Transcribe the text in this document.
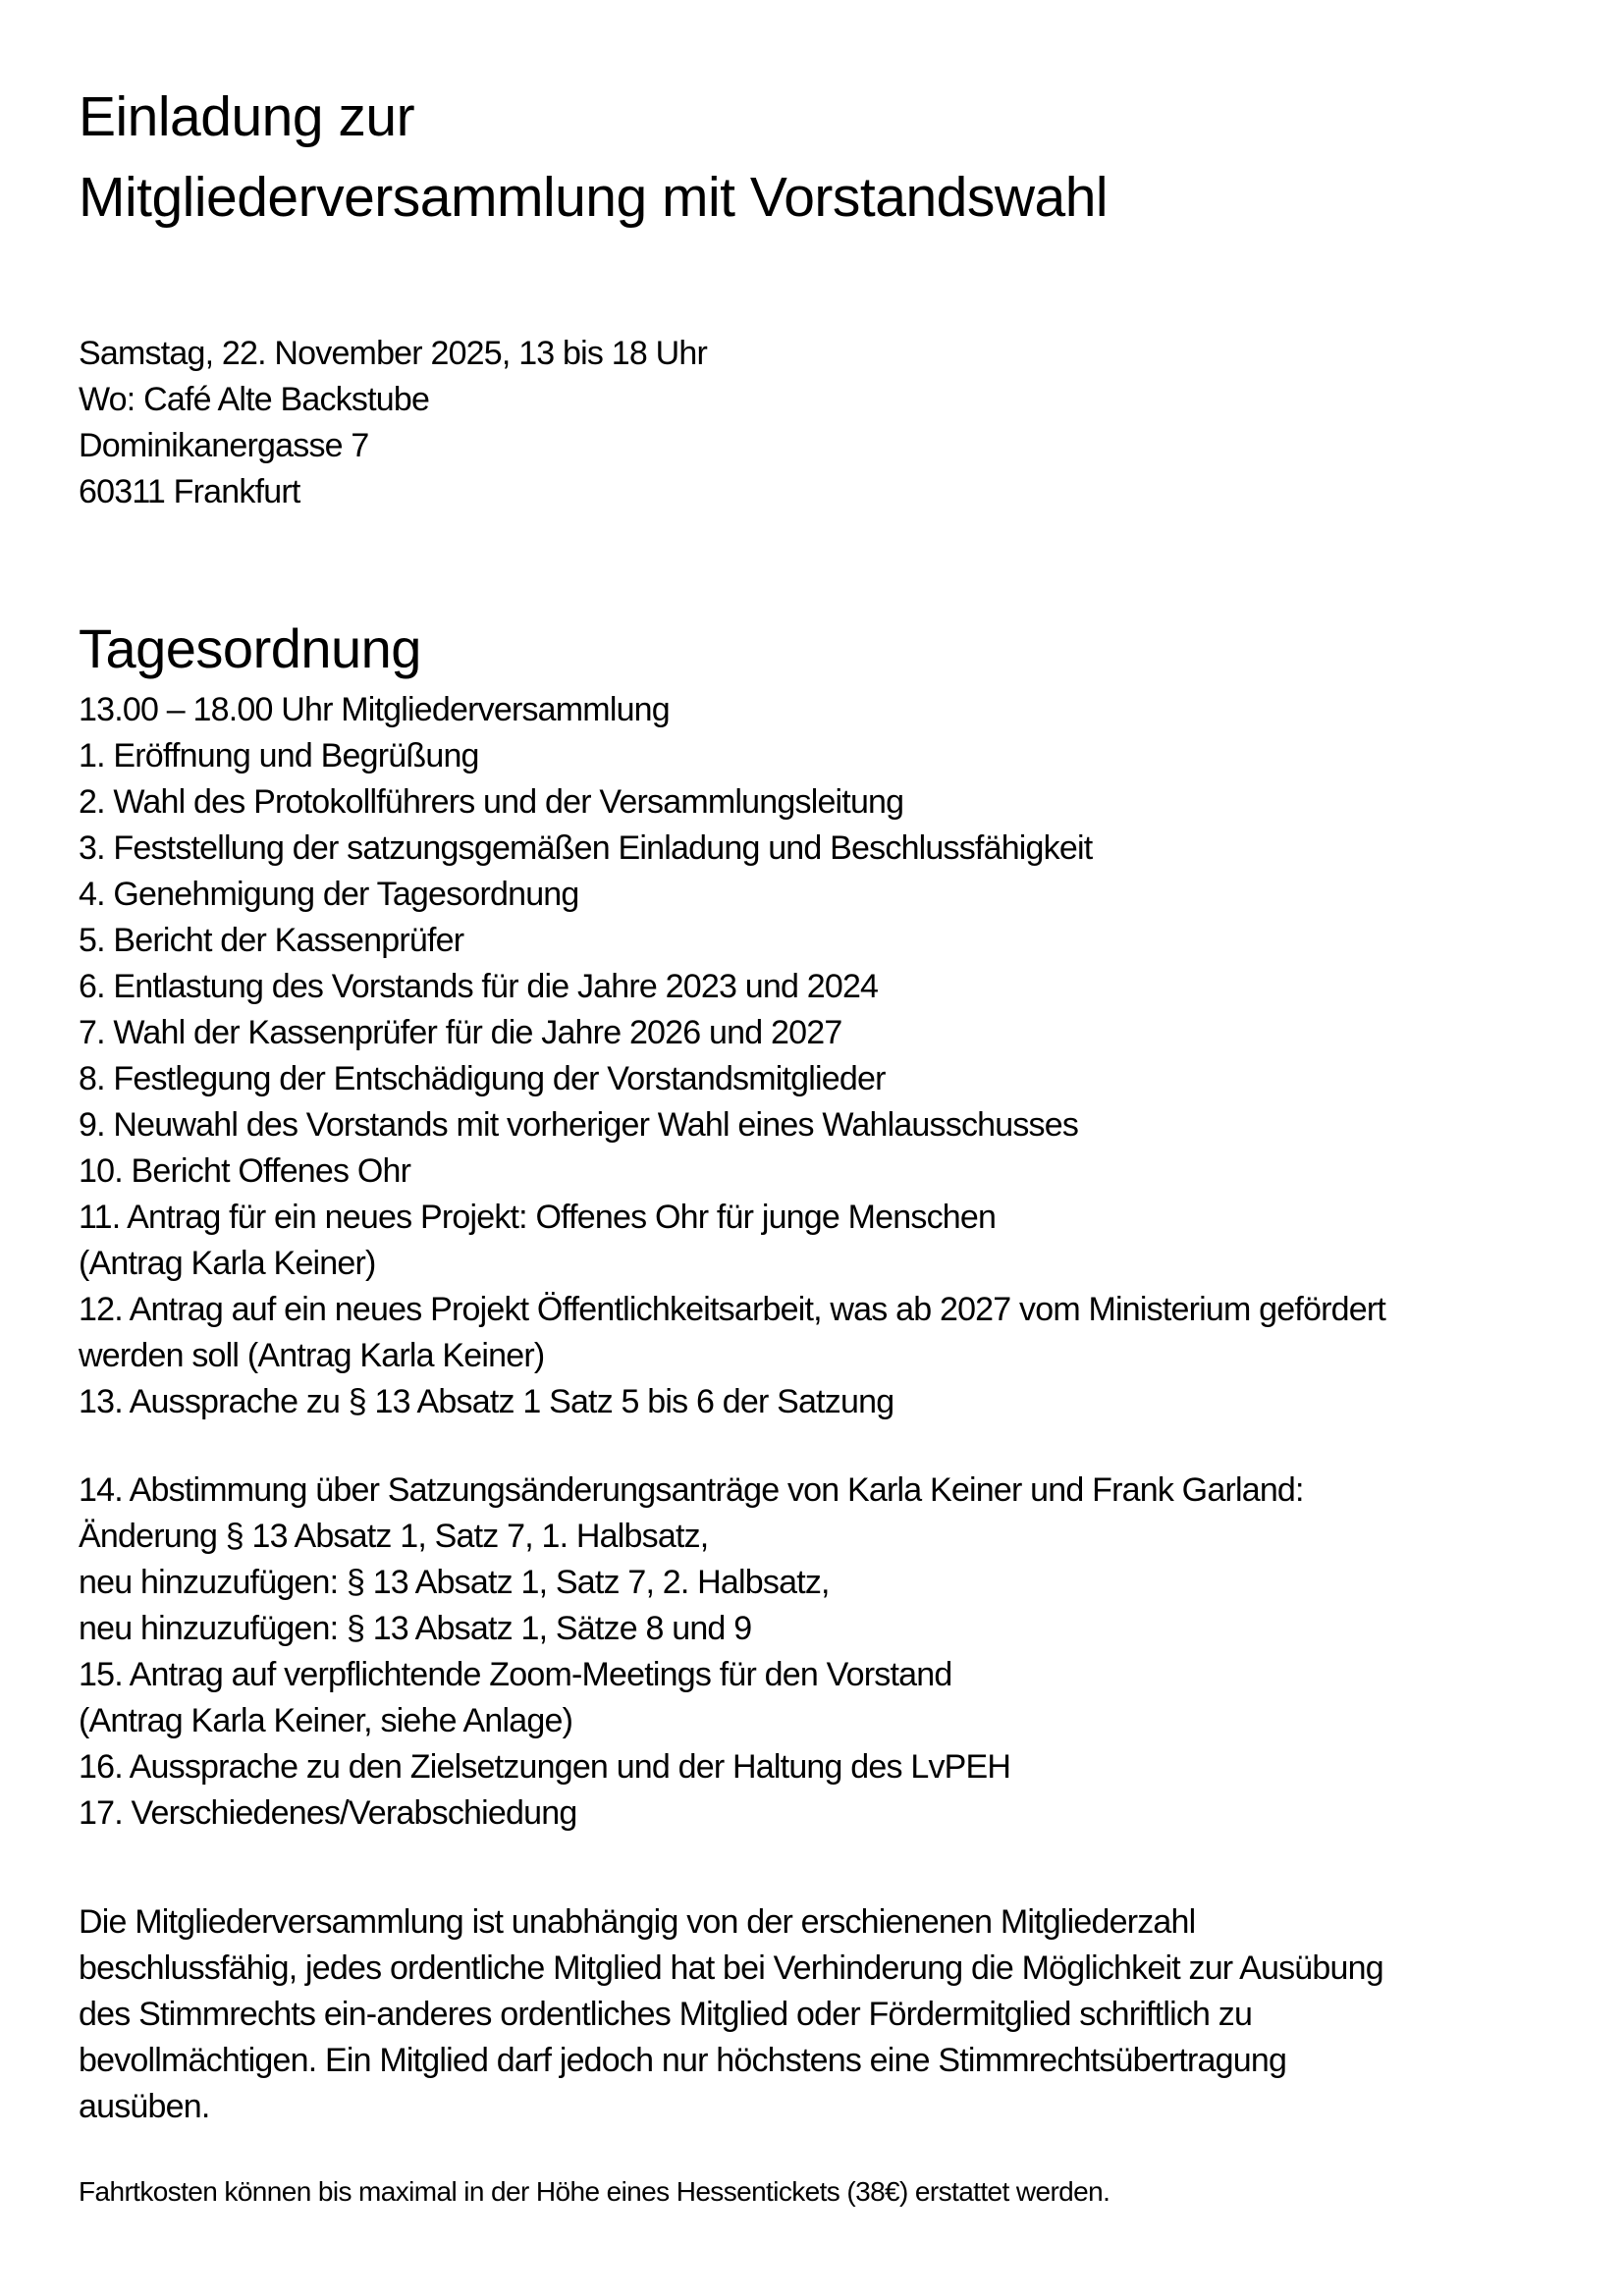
Einladung zur
Mitgliederversammlung mit Vorstandswahl
Samstag, 22. November 2025, 13 bis 18 Uhr
Wo: Café Alte Backstube
Dominikanergasse 7
60311 Frankfurt
Tagesordnung
13.00 – 18.00 Uhr Mitgliederversammlung
1. Eröffnung und Begrüßung
2. Wahl des Protokollführers und der Versammlungsleitung
3. Feststellung der satzungsgemäßen Einladung und Beschlussfähigkeit
4. Genehmigung der Tagesordnung
5. Bericht der Kassenprüfer
6. Entlastung des Vorstands für die Jahre 2023 und 2024
7. Wahl der Kassenprüfer für die Jahre 2026 und 2027
8. Festlegung der Entschädigung der Vorstandsmitglieder
9. Neuwahl des Vorstands mit vorheriger Wahl eines Wahlausschusses
10. Bericht Offenes Ohr
11. Antrag für ein neues Projekt: Offenes Ohr für junge Menschen
(Antrag Karla Keiner)
12. Antrag auf ein neues Projekt Öffentlichkeitsarbeit, was ab 2027 vom Ministerium gefördert
werden soll (Antrag Karla Keiner)
13. Aussprache zu § 13 Absatz 1 Satz 5 bis 6 der Satzung
14. Abstimmung über Satzungsänderungsanträge von Karla Keiner und Frank Garland:
Änderung § 13 Absatz 1, Satz 7, 1. Halbsatz,
neu hinzuzufügen: § 13 Absatz 1, Satz 7, 2. Halbsatz,
neu hinzuzufügen: § 13 Absatz 1, Sätze 8 und 9
15. Antrag auf verpflichtende Zoom-Meetings für den Vorstand
(Antrag Karla Keiner, siehe Anlage)
16. Aussprache zu den Zielsetzungen und der Haltung des LvPEH
17. Verschiedenes/Verabschiedung
Die Mitgliederversammlung ist unabhängig von der erschienenen Mitgliederzahl
beschlussfähig, jedes ordentliche Mitglied hat bei Verhinderung die Möglichkeit zur Ausübung
des Stimmrechts ein-anderes ordentliches Mitglied oder Fördermitglied schriftlich zu
bevollmächtigen. Ein Mitglied darf jedoch nur höchstens eine Stimmrechtsübertragung
ausüben.
Fahrtkosten können bis maximal in der Höhe eines Hessentickets (38€) erstattet werden.
